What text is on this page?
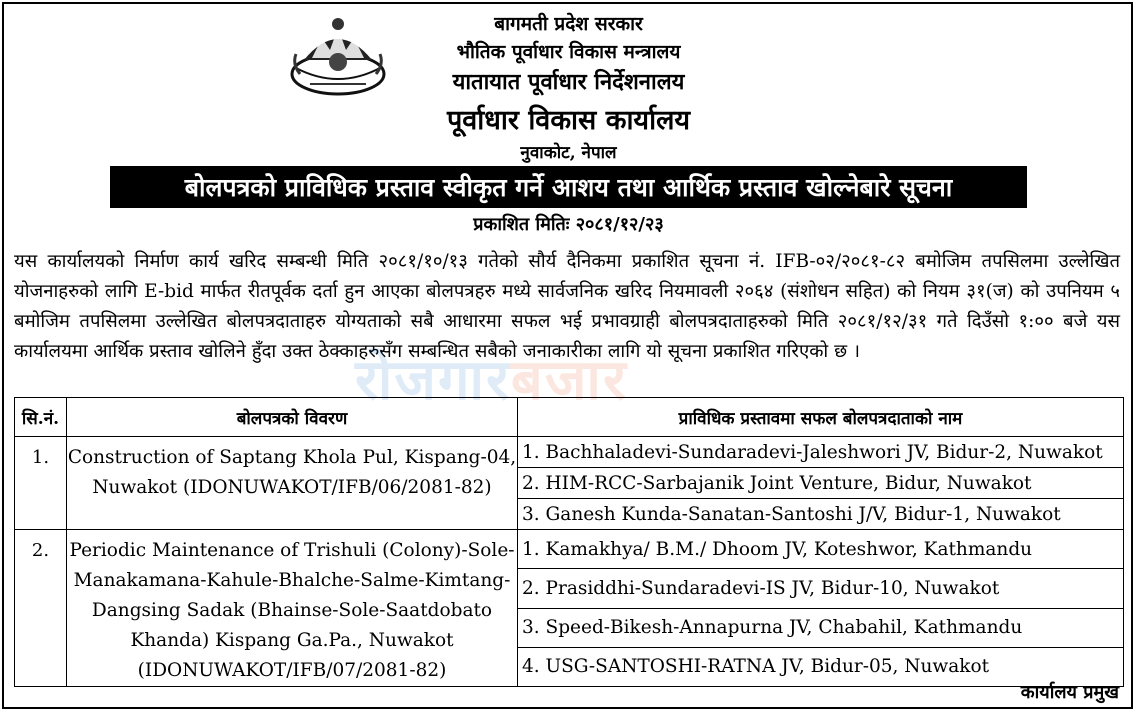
बागमती प्रदेश सरकार
भौतिक पूर्वाधार विकास मन्त्रालय
यातायात पूर्वाधार निर्देशनालय
पूर्वाधार विकास कार्यालय
नुवाकोट, नेपाल
बोलपत्रको प्राविधिक प्रस्ताव स्वीकृत गर्ने आशय तथा आर्थिक प्रस्ताव खोल्नेबारे सूचना
प्रकाशित मितिः २०८१/१२/२३
यस कार्यालयको निर्माण कार्य खरिद सम्बन्धी मिति २०८१/१०/१३ गतेको सौर्य दैनिकमा प्रकाशित सूचना नं. IFB-०२/२०८१-८२ बमोजिम तपसिलमा उल्लेखित योजनाहरुको लागि E-bid मार्फत रीतपूर्वक दर्ता हुन आएका बोलपत्रहरु मध्ये सार्वजनिक खरिद नियमावली २०६४ (संशोधन सहित) को नियम ३१(ज) को उपनियम ५ बमोजिम तपसिलमा उल्लेखित बोलपत्रदाताहरु योग्यताको सबै आधारमा सफल भई प्रभावग्राही बोलपत्रदाताहरुको मिति २०८१/१२/३१ गते दिउँसो १:०० बजे यस कार्यालयमा आर्थिक प्रस्ताव खोलिने हुँदा उक्त ठेक्काहरुसँग सम्बन्धित सबैको जनाकारीका लागि यो सूचना प्रकाशित गरिएको छ ।
रोजगारबजार
सि.नं.	बोलपत्रको विवरण	प्राविधिक प्रस्तावमा सफल बोलपत्रदाताको नाम
1.	Construction of Saptang Khola Pul, Kispang-04, Nuwakot (IDONUWAKOT/IFB/06/2081-82)	1. Bachhaladevi-Sundaradevi-Jaleshwori JV, Bidur-2, Nuwakot
		2. HIM-RCC-Sarbajanik Joint Venture, Bidur, Nuwakot
		3. Ganesh Kunda-Sanatan-Santoshi J/V, Bidur-1, Nuwakot
2.	Periodic Maintenance of Trishuli (Colony)-Sole-Manakamana-Kahule-Bhalche-Salme-Kimtang-Dangsing Sadak (Bhainse-Sole-Saatdobato Khanda) Kispang Ga.Pa., Nuwakot (IDONUWAKOT/IFB/07/2081-82)	1. Kamakhya/ B.M./ Dhoom JV, Koteshwor, Kathmandu
		2. Prasiddhi-Sundaradevi-IS JV, Bidur-10, Nuwakot
		3. Speed-Bikesh-Annapurna JV, Chabahil, Kathmandu
		4. USG-SANTOSHI-RATNA JV, Bidur-05, Nuwakot
कार्यालय प्रमुख
